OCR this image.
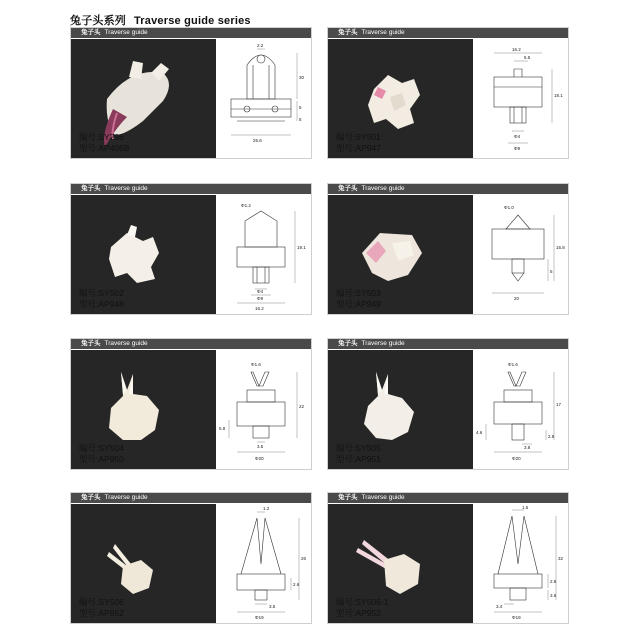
兔子头系列 Traverse guide series
兔子头 Traverse guide
编号:SY296
型号:AP406B
2.2
30
25.6
5
5
兔子头 Traverse guide
编号:SY501
型号:AP947
16.2
5.5
18.1
Φ4
Φ9
兔子头 Traverse guide
编号:SY502
型号:AP948
Φ1.2
19.1
Φ4
Φ9
16.2
兔子头 Traverse guide
编号:SY503
型号:AP949
Φ1.0
16.8
5
20
兔子头 Traverse guide
编号:SY504
型号:AP950
Φ1.6
22
5.8
3.5
Φ20
兔子头 Traverse guide
编号:SY505
型号:AP951
Φ1.6
17
4.6
2.8
3.8
Φ20
兔子头 Traverse guide
编号:SY506
型号:AP952
1.2
26
2.6
3.5
Φ19
兔子头 Traverse guide
编号:SY506-1
型号:AP952
1.5
32
2.8
3.4
3.6
Φ19
